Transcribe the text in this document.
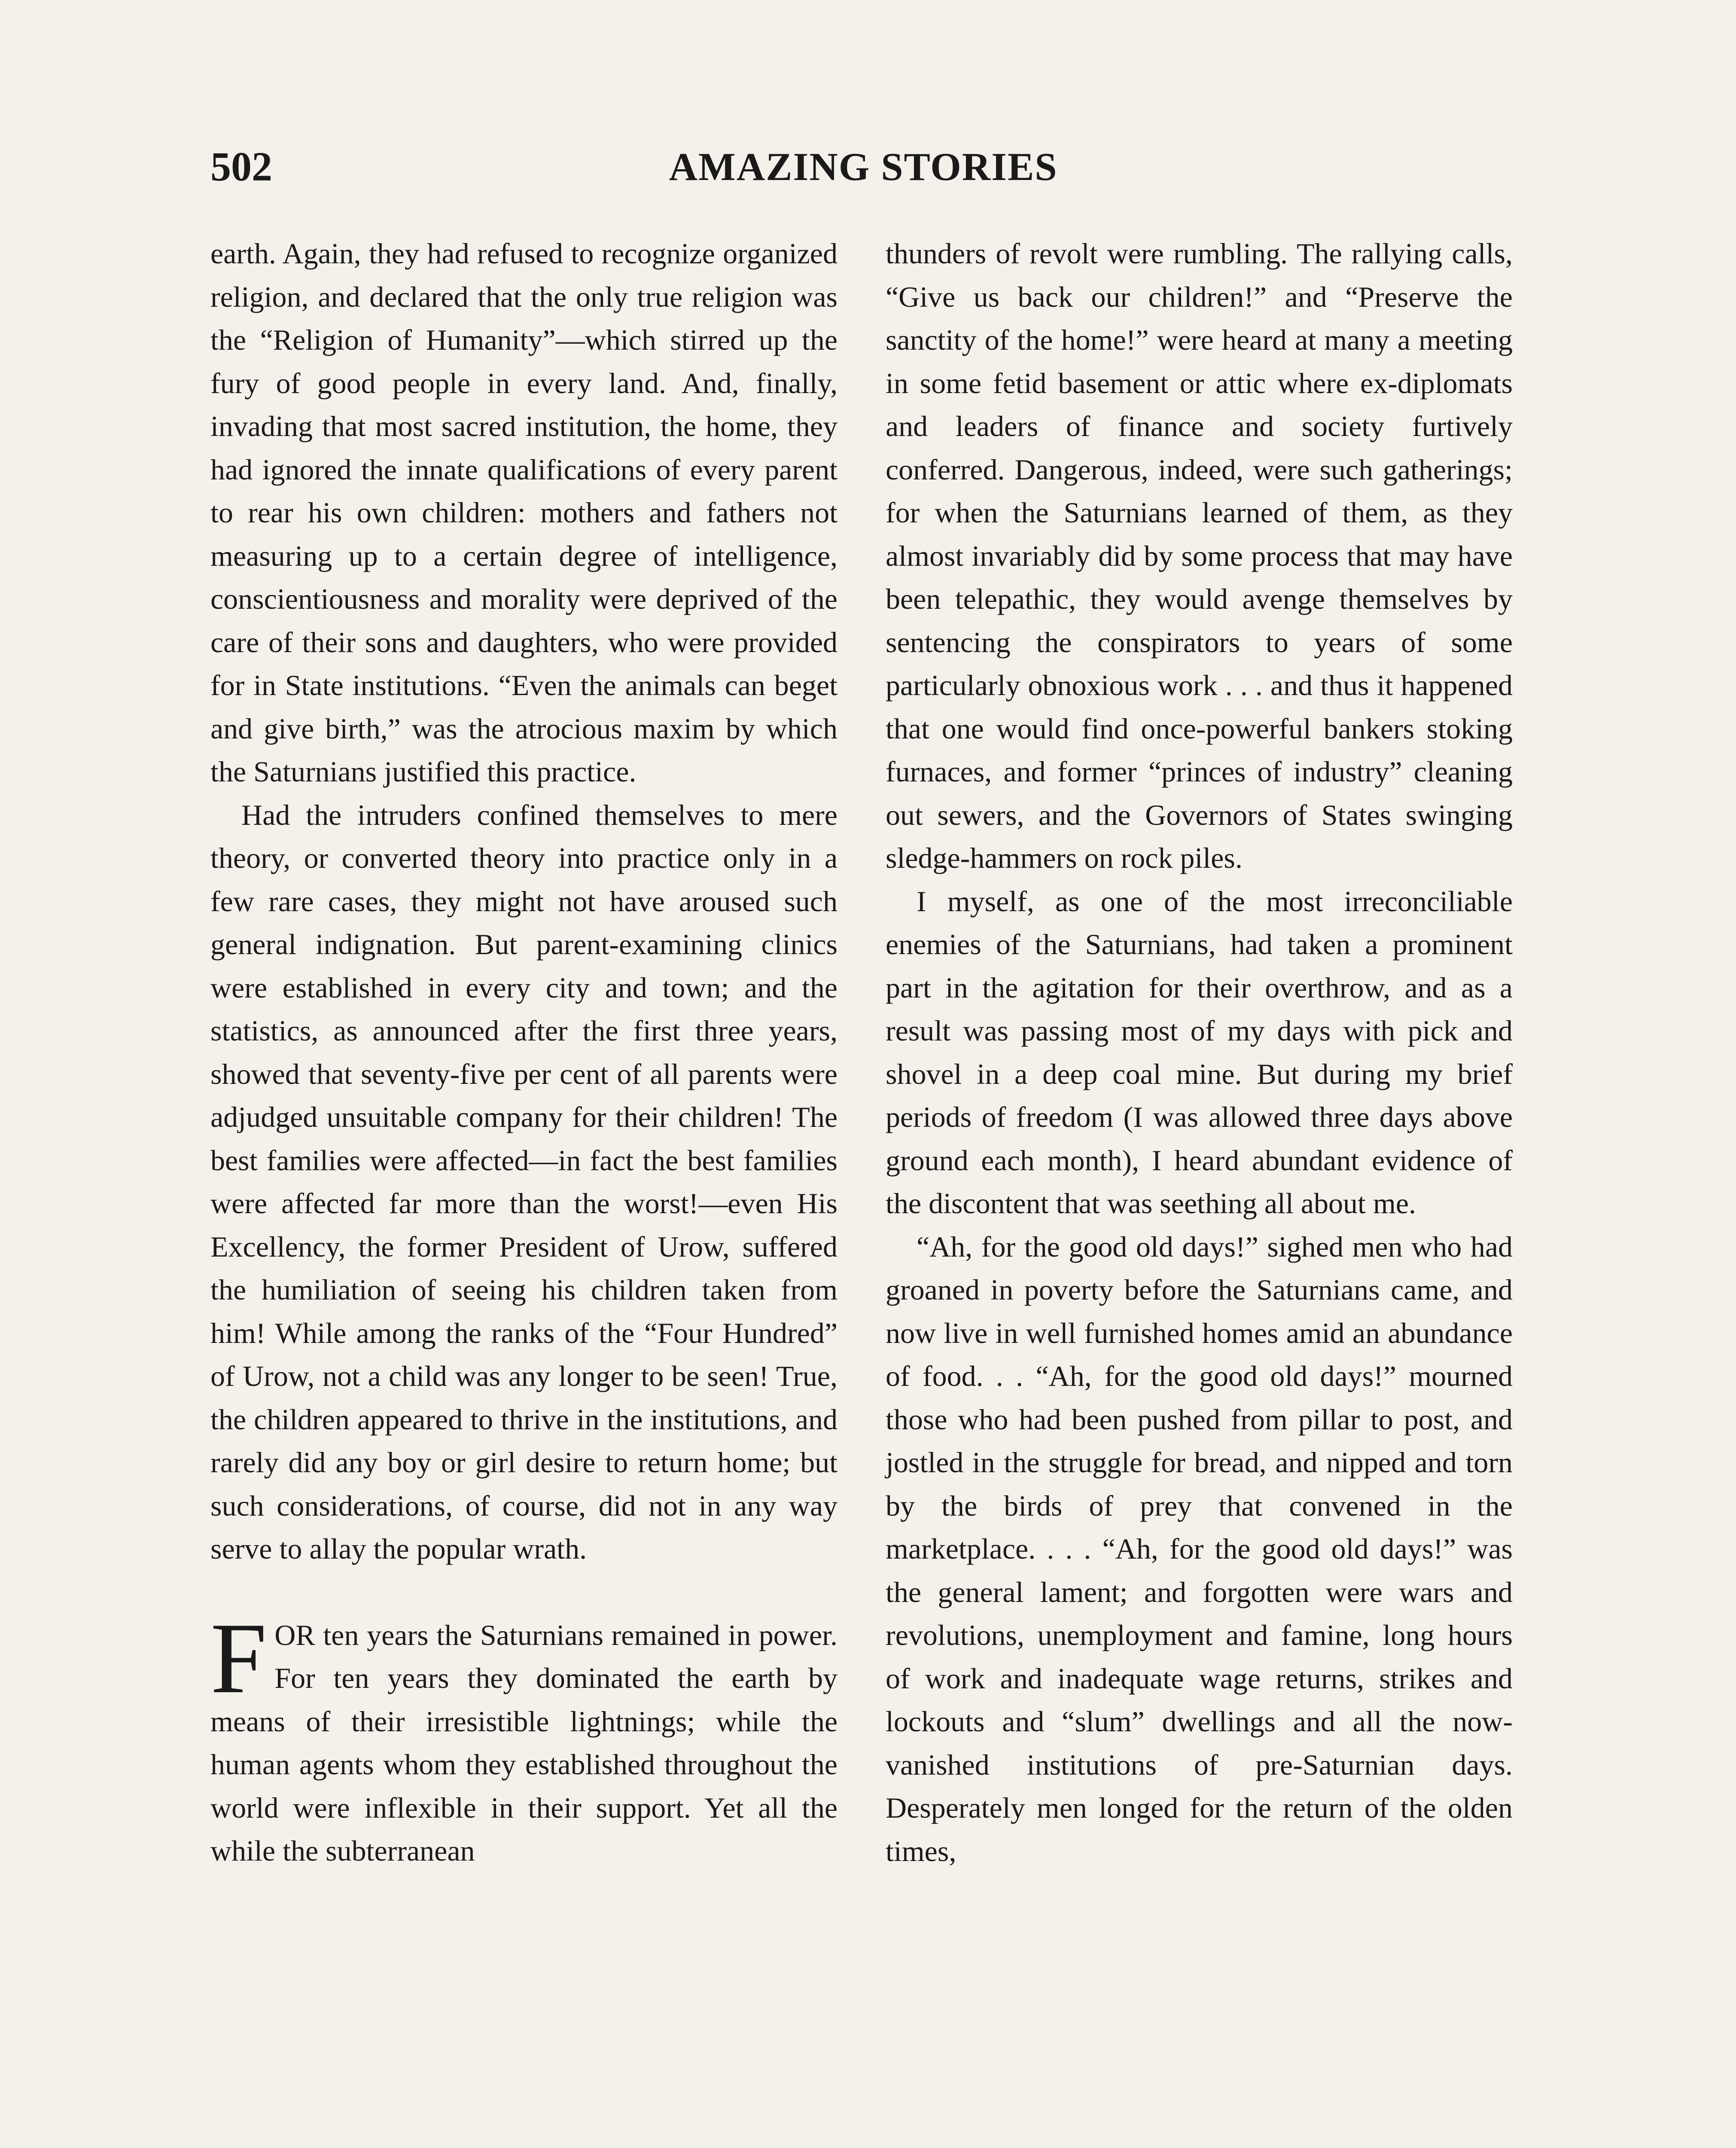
502	AMAZING STORIES

earth. Again, they had refused to recognize organized religion, and declared that the only true religion was the “Religion of Humanity”—which stirred up the fury of good people in every land. And, finally, invading that most sacred institution, the home, they had ignored the innate qualifications of every parent to rear his own children: mothers and fathers not measuring up to a certain degree of intelligence, conscientiousness and morality were deprived of the care of their sons and daughters, who were provided for in State institutions. “Even the animals can beget and give birth,” was the atrocious maxim by which the Saturnians justified this practice.

Had the intruders confined themselves to mere theory, or converted theory into practice only in a few rare cases, they might not have aroused such general indignation. But parent-examining clinics were established in every city and town; and the statistics, as announced after the first three years, showed that seventy-five per cent of all parents were adjudged unsuitable company for their children! The best families were affected—in fact the best families were affected far more than the worst!—even His Excellency, the former President of Urow, suffered the humiliation of seeing his children taken from him! While among the ranks of the “Four Hundred” of Urow, not a child was any longer to be seen! True, the children appeared to thrive in the institutions, and rarely did any boy or girl desire to return home; but such considerations, of course, did not in any way serve to allay the popular wrath.

FOR ten years the Saturnians remained in power. For ten years they dominated the earth by means of their irresistible lightnings; while the human agents whom they established throughout the world were inflexible in their support. Yet all the while the subterranean

thunders of revolt were rumbling. The rallying calls, “Give us back our children!” and “Preserve the sanctity of the home!” were heard at many a meeting in some fetid basement or attic where ex-diplomats and leaders of finance and society furtively conferred. Dangerous, indeed, were such gatherings; for when the Saturnians learned of them, as they almost invariably did by some process that may have been telepathic, they would avenge themselves by sentencing the conspirators to years of some particularly obnoxious work . . . and thus it happened that one would find once-powerful bankers stoking furnaces, and former “princes of industry” cleaning out sewers, and the Governors of States swinging sledge-hammers on rock piles.

I myself, as one of the most irreconciliable enemies of the Saturnians, had taken a prominent part in the agitation for their overthrow, and as a result was passing most of my days with pick and shovel in a deep coal mine. But during my brief periods of freedom (I was allowed three days above ground each month), I heard abundant evidence of the discontent that was seething all about me.

“Ah, for the good old days!” sighed men who had groaned in poverty before the Saturnians came, and now live in well furnished homes amid an abundance of food. . . “Ah, for the good old days!” mourned those who had been pushed from pillar to post, and jostled in the struggle for bread, and nipped and torn by the birds of prey that convened in the marketplace. . . . “Ah, for the good old days!” was the general lament; and forgotten were wars and revolutions, unemployment and famine, long hours of work and inadequate wage returns, strikes and lockouts and “slum” dwellings and all the now-vanished institutions of pre-Saturnian days. Desperately men longed for the return of the olden times,
